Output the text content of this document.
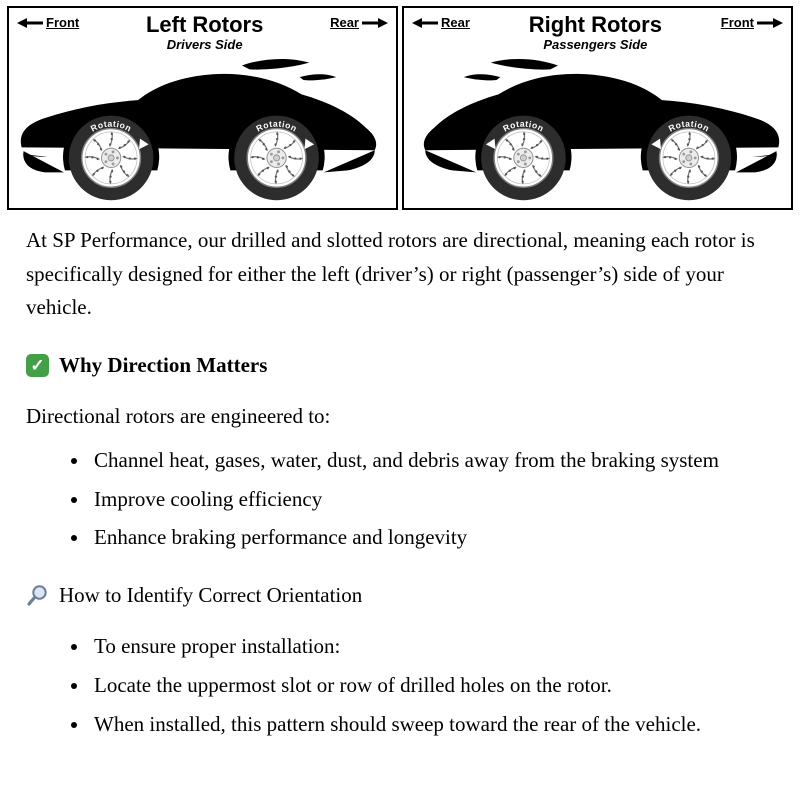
Front	Left Rotors
Drivers Side
Rear
Rotation	Rotation
Rear	Right Rotors
Passengers Side
Front
Rotation	Rotation

At SP Performance, our drilled and slotted rotors are directional, meaning each rotor is specifically designed for either the left (driver’s) or right (passenger’s) side of your vehicle.

✓ Why Direction Matters

Directional rotors are engineered to:

• Channel heat, gases, water, dust, and debris away from the braking system
• Improve cooling efficiency
• Enhance braking performance and longevity
How to Identify Correct Orientation
• To ensure proper installation:
• Locate the uppermost slot or row of drilled holes on the rotor.
• When installed, this pattern should sweep toward the rear of the vehicle.
